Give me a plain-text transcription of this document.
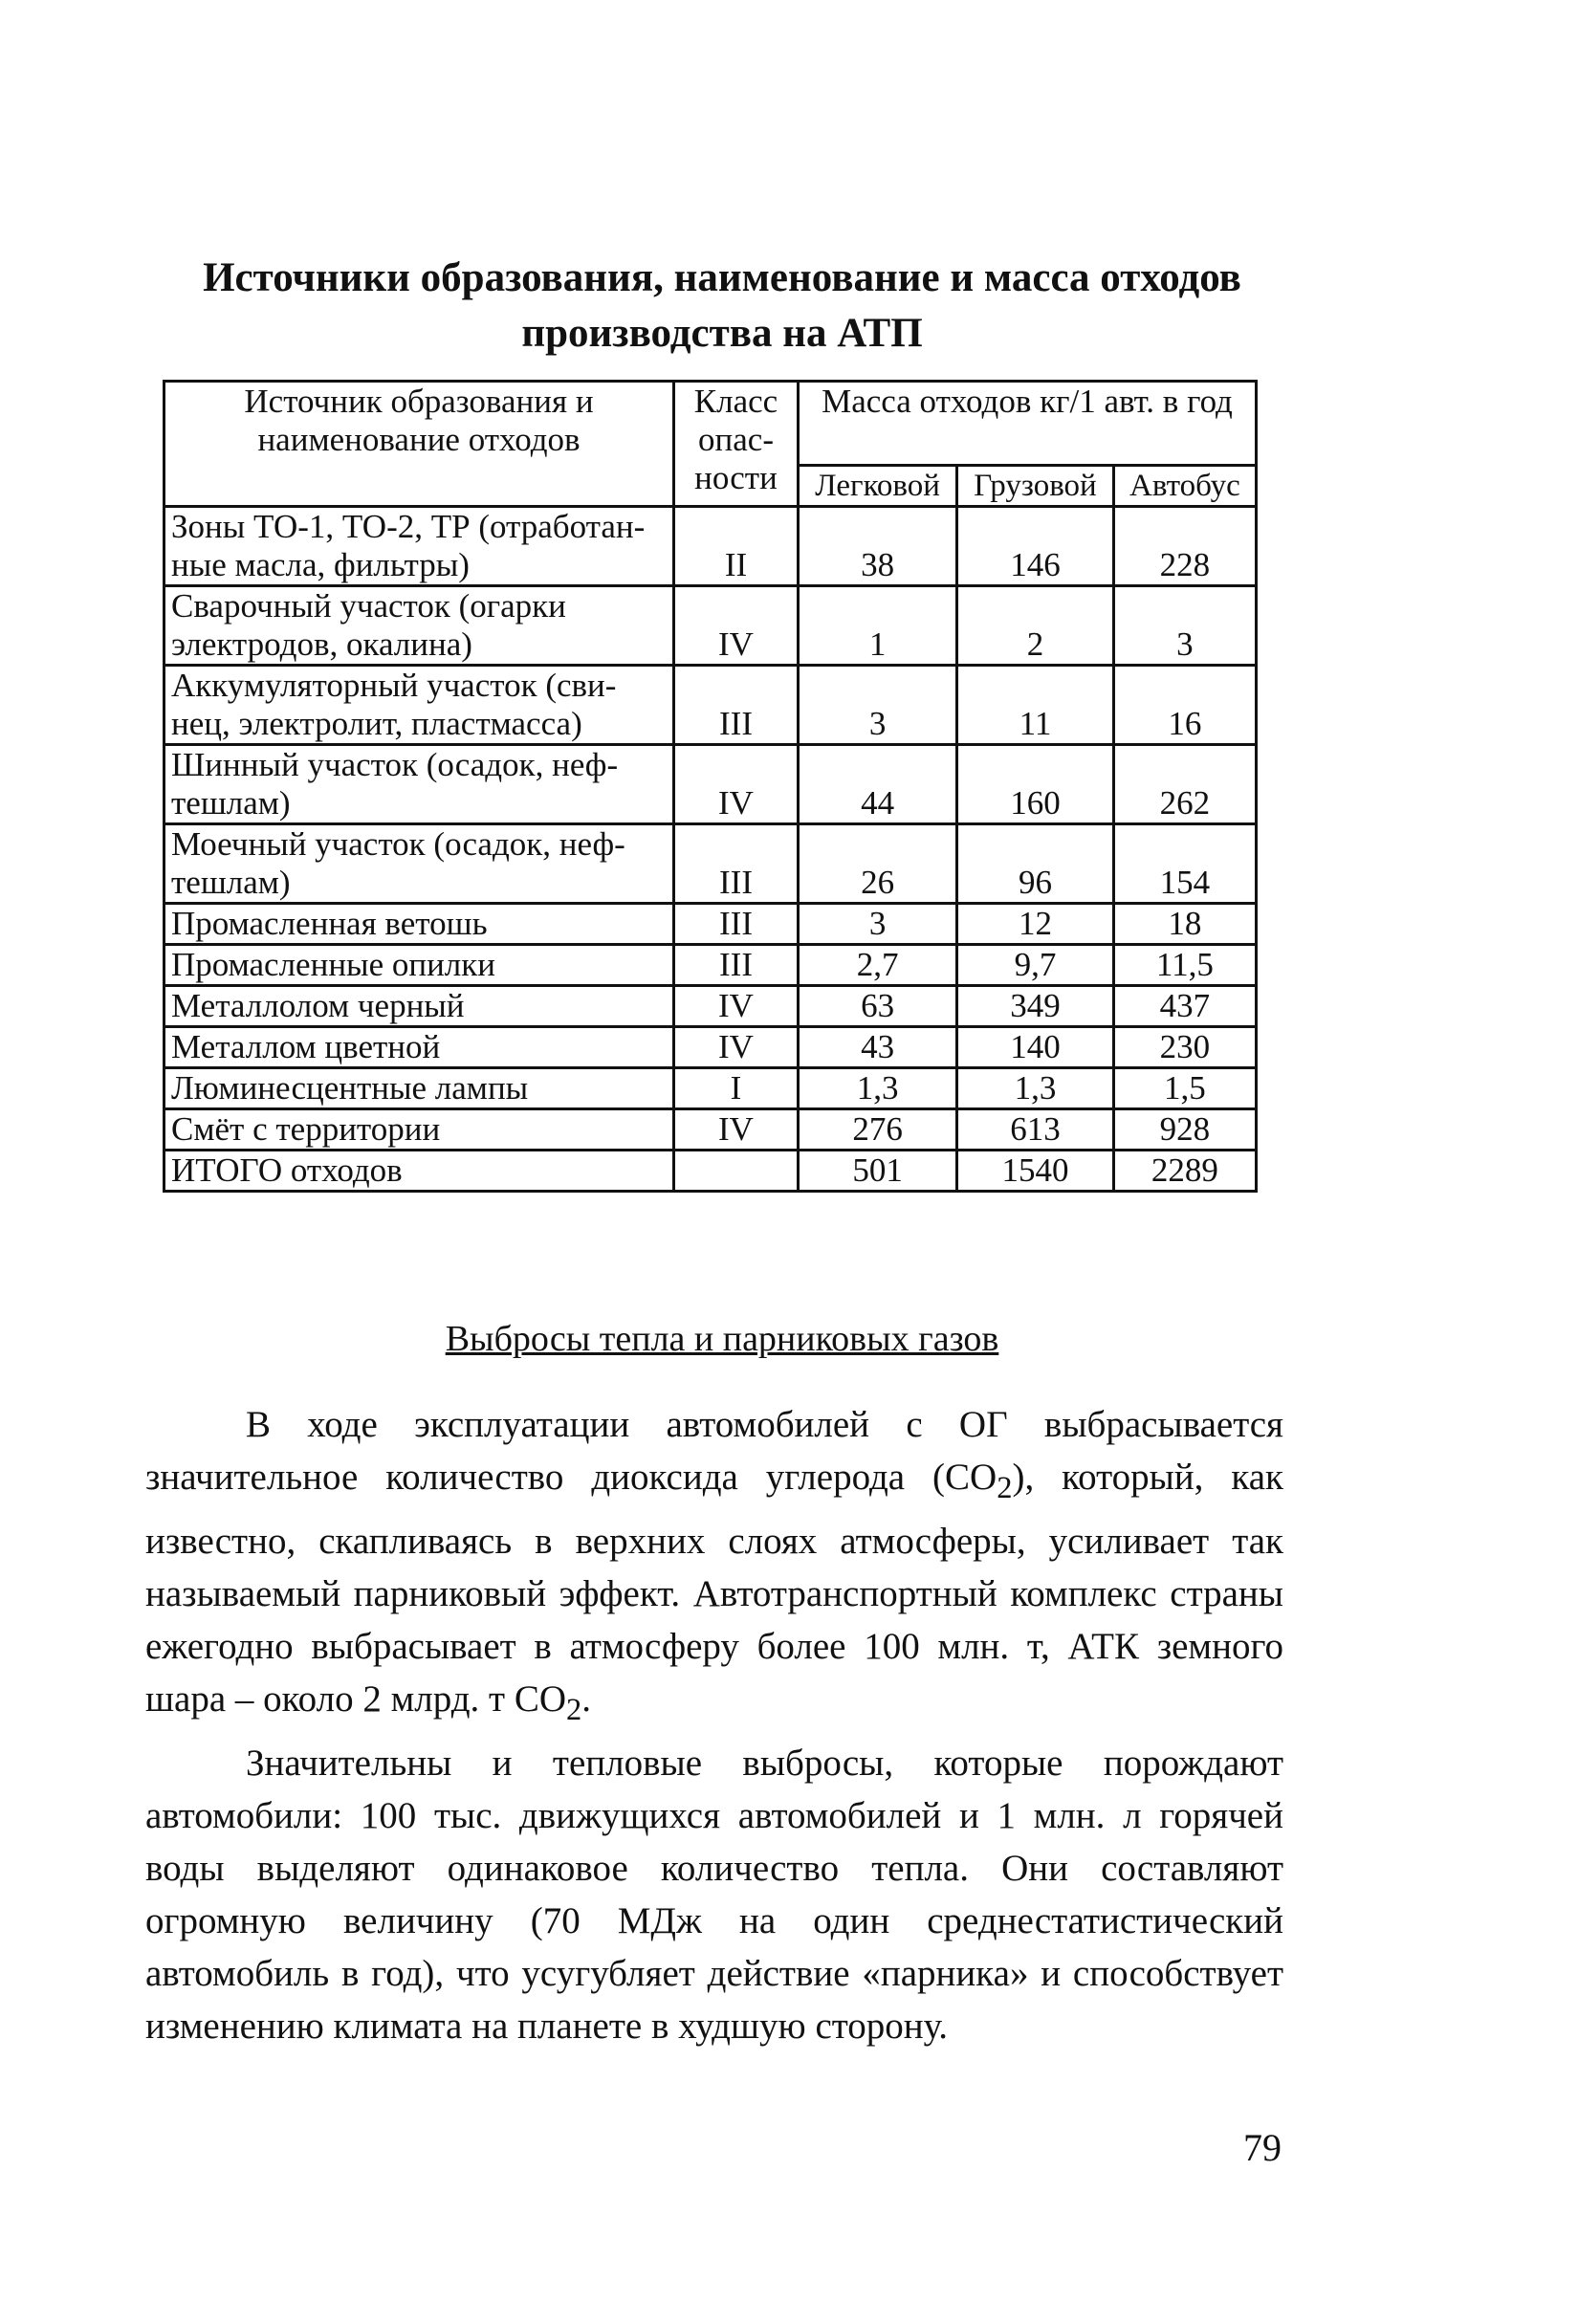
Источники образования, наименование и масса отходов производства на АТП
Источник образования и наименование отходов	Класс опас- ности	Масса отходов кг/1 авт. в год		
		Легковой	Грузовой	Автобус
Зоны ТО-1, ТО-2, ТР (отработан- ные масла, фильтры)	II	38	146	228
Сварочный участок (огарки электродов, окалина)	IV	1	2	3
Аккумуляторный участок (сви- нец, электролит, пластмасса)	III	3	11	16
Шинный участок (осадок, неф- тешлам)	IV	44	160	262
Моечный участок (осадок, неф- тешлам)	III	26	96	154
Промасленная ветошь	III	3	12	18
Промасленные опилки	III	2,7	9,7	11,5
Металлолом черный	IV	63	349	437
Металлом цветной	IV	43	140	230
Люминесцентные лампы	I	1,3	1,3	1,5
Смёт с территории	IV	276	613	928
ИТОГО отходов		501	1540	2289
Выбросы тепла и парниковых газов

В ходе эксплуатации автомобилей с ОГ выбрасывается значительное количество диоксида углерода $(СО_2)$, который, как известно, скапливаясь в верхних слоях атмосферы, усиливает так называемый парниковый эффект. Автотранспортный комплекс страны ежегодно выбрасывает в атмосферу более 100 млн. т, АТК земного шара – около 2 млрд. т $СО_2$.

Значительны и тепловые выбросы, которые порождают автомобили: 100 тыс. движущихся автомобилей и 1 млн. л горячей воды выделяют одинаковое количество тепла. Они составляют огромную величину (70 МДж на один среднестатистический автомобиль в год), что усугубляет действие «парника» и способствует изменению климата на планете в худшую сторону.

79
